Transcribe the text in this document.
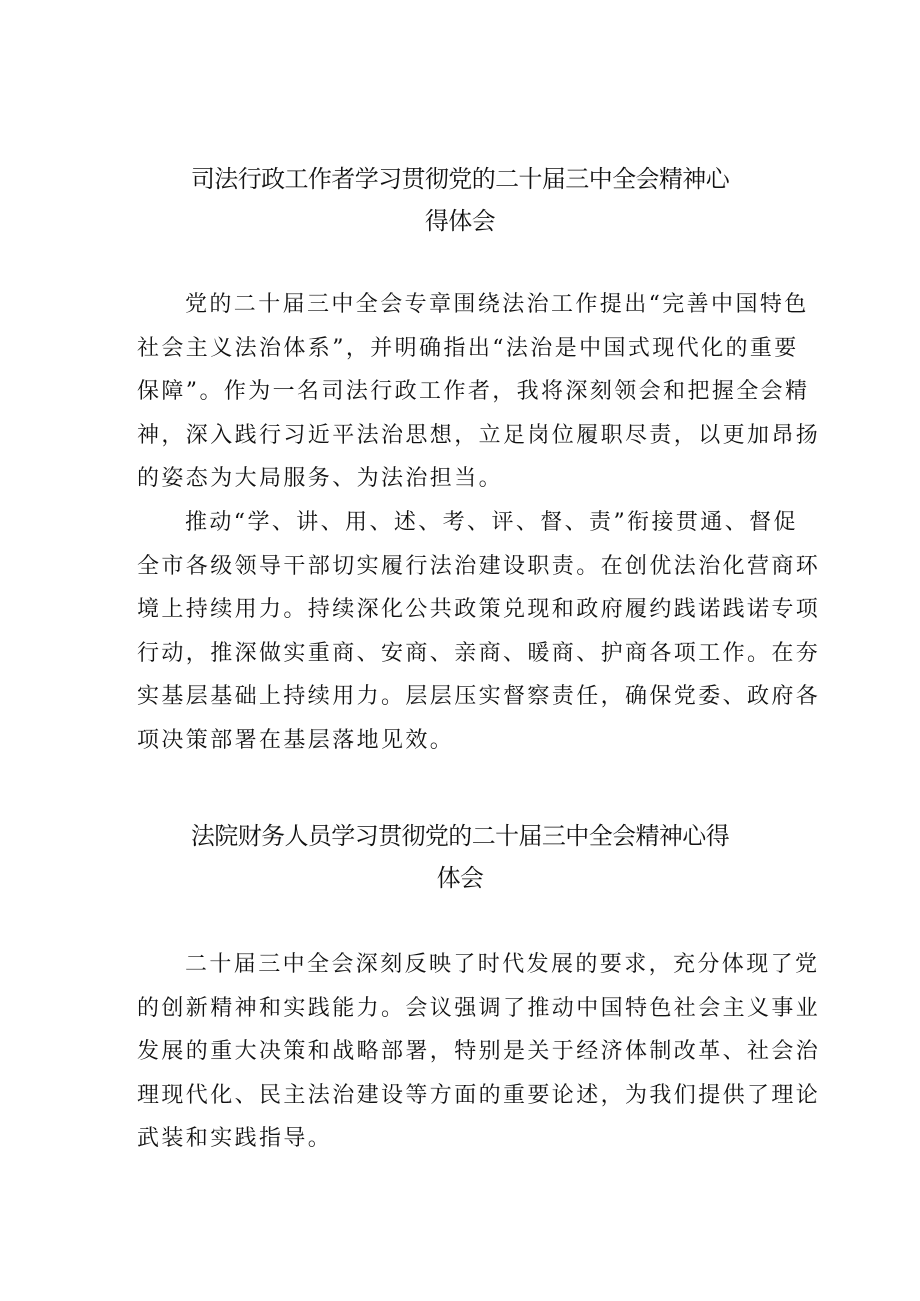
司法行政工作者学习贯彻党的二十届三中全会精神心
得体会
党的二十届三中全会专章围绕法治工作提出“完善中国特色
社会主义法治体系”，并明确指出“法治是中国式现代化的重要
保障”。作为一名司法行政工作者，我将深刻领会和把握全会精
神，深入践行习近平法治思想，立足岗位履职尽责，以更加昂扬
的姿态为大局服务、为法治担当。
推动“学、讲、用、述、考、评、督、责”衔接贯通、督促
全市各级领导干部切实履行法治建设职责。在创优法治化营商环
境上持续用力。持续深化公共政策兑现和政府履约践诺践诺专项
行动，推深做实重商、安商、亲商、暖商、护商各项工作。在夯
实基层基础上持续用力。层层压实督察责任，确保党委、政府各
项决策部署在基层落地见效。
法院财务人员学习贯彻党的二十届三中全会精神心得
体会
二十届三中全会深刻反映了时代发展的要求，充分体现了党
的创新精神和实践能力。会议强调了推动中国特色社会主义事业
发展的重大决策和战略部署，特别是关于经济体制改革、社会治
理现代化、民主法治建设等方面的重要论述，为我们提供了理论
武装和实践指导。
